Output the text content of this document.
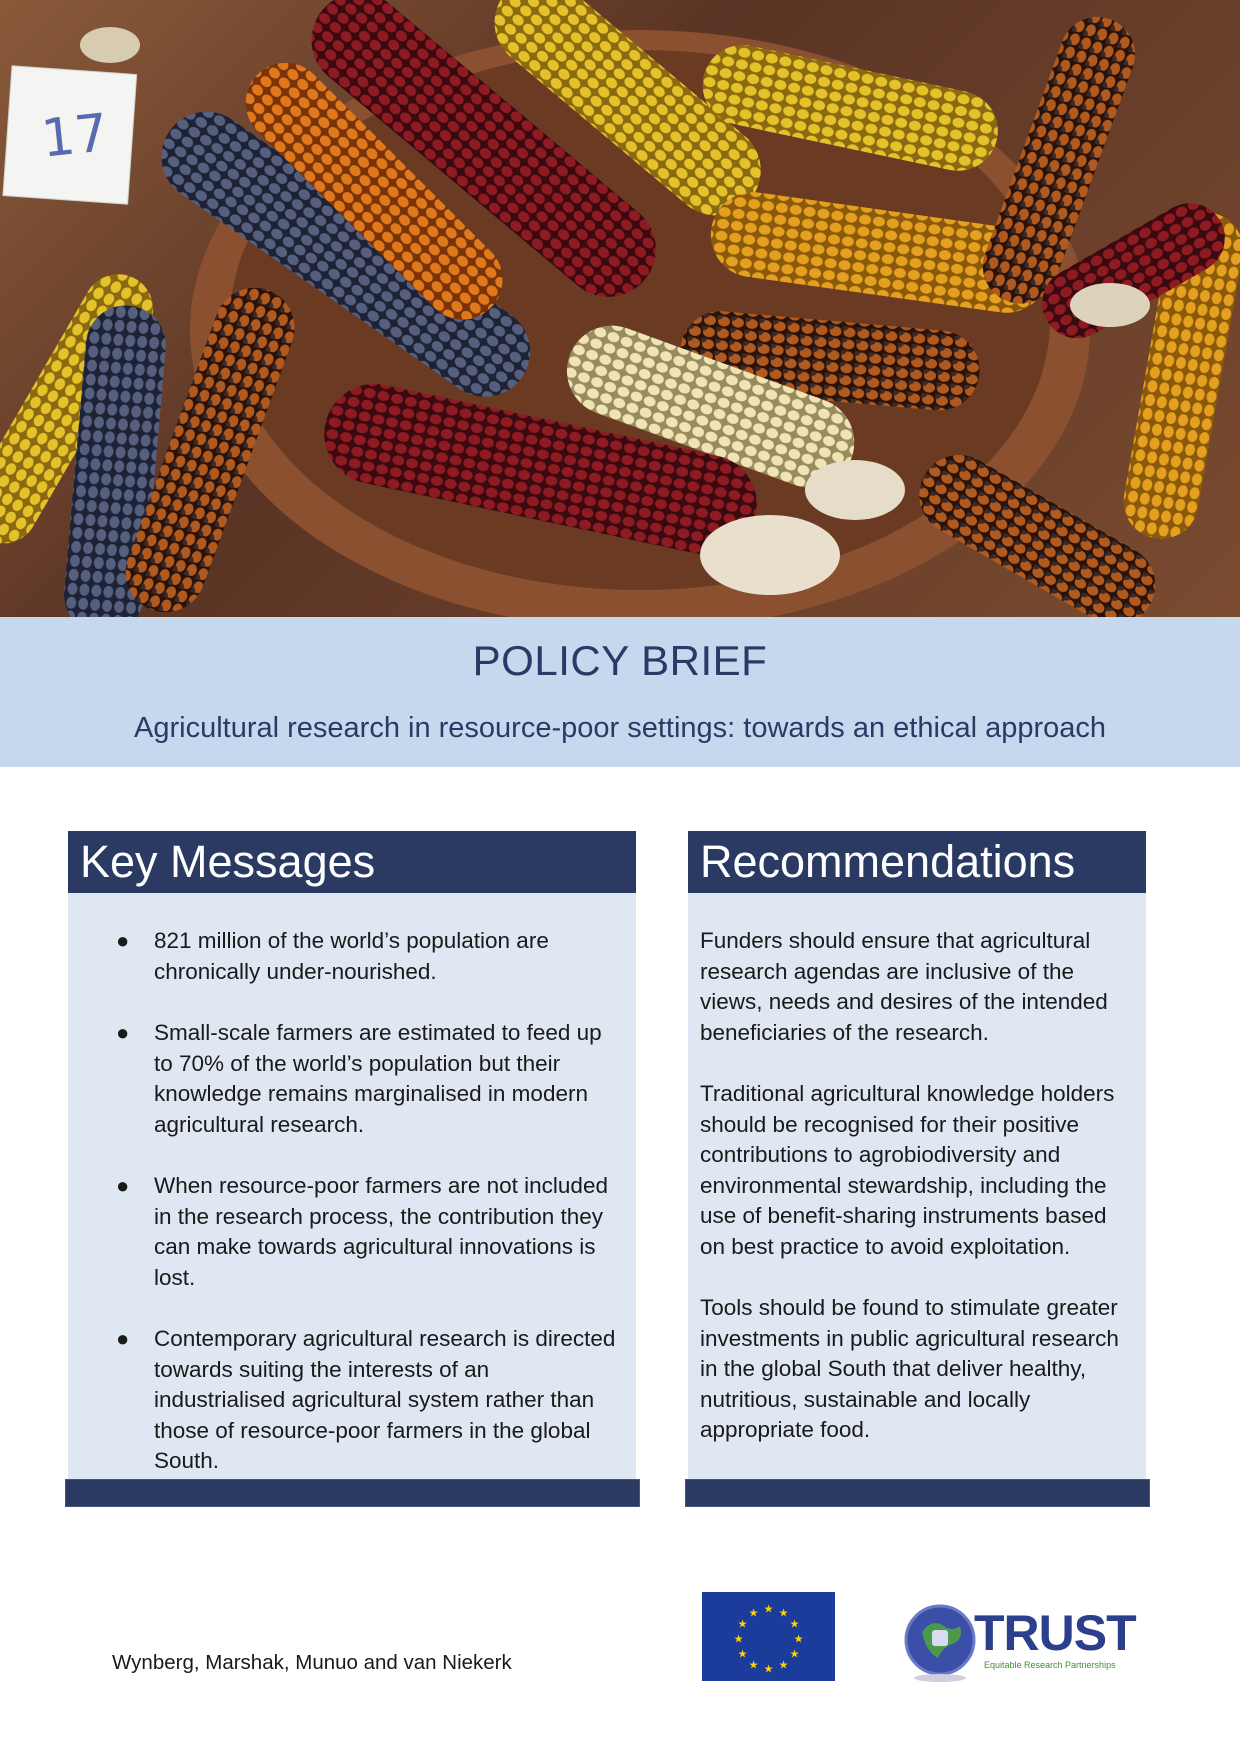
17
POLICY BRIEF
Agricultural research in resource-poor settings: towards an ethical approach
Key Messages
● 821 million of the world’s population are chronically under-nourished.
● Small-scale farmers are estimated to feed up to 70% of the world’s population but their knowledge remains marginalised in modern agricultural research.
● When resource-poor farmers are not included in the research process, the contribution they can make towards agricultural innovations is lost.
● Contemporary agricultural research is directed towards suiting the interests of an industrialised agricultural system rather than those of resource-poor farmers in the global South.
Recommendations

Funders should ensure that agricultural research agendas are inclusive of the views, needs and desires of the intended beneficiaries of the research.

Traditional agricultural knowledge holders should be recognised for their positive contributions to agrobiodiversity and environmental stewardship, including the use of benefit-sharing instruments based on best practice to avoid exploitation.

Tools should be found to stimulate greater investments in public agricultural research in the global South that deliver healthy, nutritious, sustainable and locally appropriate food.

Wynberg, Marshak, Munuo and van Niekerk
★ ★
★
★
★
★
★
★
★
★
★
★	TRUST
Equitable Research Partnerships
